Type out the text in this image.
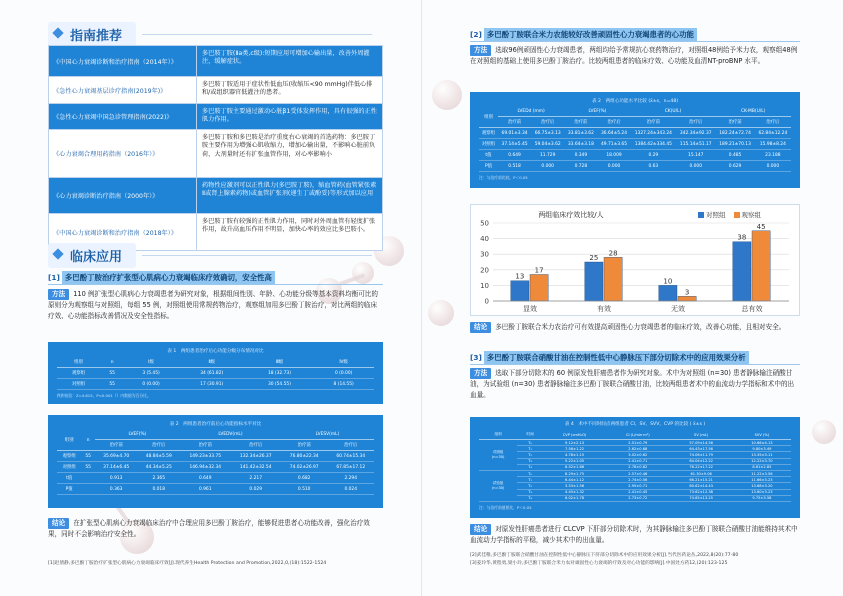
指南推荐
《中国心力衰竭诊断和治疗指南（2014年）》
多巴胺丁胺(Ⅱa类,c级):短期应用可增加心输出量，改善外周灌注，缓解症状。
《急性心力衰竭基层诊疗指南(2019年)》
多巴胺丁胺适用于症状性低血压(收缩压<90 mmHg)伴低心排和/或组织器官低灌注的患者。
《急性心力衰竭中国急诊管理指南(2022)》
多巴胺丁胺主要通过激动心脏β1受体发挥作用，具有很强的正性肌力作用。
《心力衰竭合理用药指南（2016年）》
多巴胺丁胺和多巴胺是治疗重度右心衰竭的首选药物：多巴胺丁胺主要作用为增强心肌收缩力，增加心输出量，不影响心脏前负荷，大剂量时还有扩张血管作用，对心率影响小
《心力衰竭诊断治疗指南（2000年）》
药物性应激剂可以正性肌力(多巴胺丁胺)，缩血管药(血管紧张素Ⅱ或肾上腺素药物)或血管扩张剂(递生丁或酚妥)等形式加以应用
《中国心力衰竭诊断和治疗指南（2018年）》
多巴胺丁胺有较强的正性肌力作用，同时对外周血管有轻度扩张作用，故升高血压作用不明显，加快心率的效应比多巴胺小。
临床应用
[1] 多巴酚丁胺治疗扩张型心肌病心力衰竭临床疗效确切，安全性高
方法 110 例扩张型心肌病心力衰竭患者为研究对象，根据组间性别、年龄、心功能分级等基本资料均衡可比的原则分为观察组与对照组，每组 55 例，对照组使用常规药物治疗，观察组加用多巴酚丁胺治疗，对比两组的临床疗效、心功能指标改善情况及安全性指标。
表 1　两组患者治疗后心功能分级分布情况对比
组别	n	Ⅰ级	Ⅱ级	Ⅲ级	Ⅳ级
观察组	55	3 (5.45)	34 (61.82)	18 (32.73)	0 (0.00)
对照组	55	0 (0.00)	17 (30.91)	30 (54.55)	8 (14.55)
秩和检验：Z=4.615，P<0.001（）内数据为百分比。
表 2　两组患者治疗前后心功能指标水平对比
组别	n	LVEF(%)		LVEDV(mL)		LVESV(mL)	
		治疗前	治疗后	治疗前	治疗后	治疗前	治疗后
观察组	55	35.69±4.70	48.84±5.59	149.23±33.75	132.34±26.37	76.80±22.34	60.74±15.34
对照组	55	37.14±6.45	44.34±5.25	146.94±32.34	141.42±32.54	74.02±26.97	67.85±17.12
t值		0.913	2.365	0.649	2.217	0.682	2.294
P值		0.363	0.018	0.961	0.029	0.510	0.024
结论 在扩张型心肌病心力衰竭临床治疗中合理应用多巴酚丁胺治疗，能够促进患者心功能改善，强化治疗效果，同时不会影响治疗安全性。
[1]赵倩静,多巴酚丁胺治疗扩张型心肌病心力衰竭临床疗效[J].现代养生Health Protection and Promotion,2022,0,(18):1522-1524
[2] 多巴酚丁胺联合米力农能较好改善顽固性心力衰竭患者的心功能
方法 选取96例顽固性心力衰竭患者，两组均给予常规抗心衰药物治疗，对照组48例给予米力农，观察组48例在对照组的基础上使用多巴酚丁胺治疗。比较两组患者的临床疗效、心功能及血清NT-proBNP 水平。
表 2　两组心功能水平比较 (x̄±s，n=48)
组别	LVEDd (mm)		LVEF(%)		CK(U/L)		CK-MB(U/L)	
	治疗前	治疗后	治疗前	治疗后	治疗前	治疗后	治疗前	治疗后
观察组	69.01±3.34	66.75±3.13	33.81±3.62	36.64±5.24	1327.24±343.24	342.34±92.37	182.24±72.74	62.84±12.24
对照组	37.14±5.45	59.04±3.62	33.64±3.18	49.71±3.65	1384.42±334.45	115.14±51.17	189.21±70.13	15.98±8.24
t值	0.649	11.729	0.349	18.009	0.29	15.147	0.485	23.188
P值	0.518	0.000	0.728	0.000	0.63	0.000	0.629	0.000
注：与治疗前比较，P＜0.05
两组临床疗效比较/人	对照组	观察组
0
10
20
30
40
50
13
17
显效
25
28
有效
10
3
无效
38
45
总有效
结论 多巴酚丁胺联合米力农治疗可有效提高顽固性心力衰竭患者的临床疗效，改善心功能，且相对安全。
[3] 多巴酚丁胺联合硝酸甘油在控制性低中心静脉压下部分切除术中的应用效果分析
方法 选取下部分切除术的 60 例原发性肝癌患者作为研究对象。术中为对照组 (n=30) 患者静脉输注硝酸甘油，为试验组 (n=30) 患者静脉输注多巴酚丁胺联合硝酸甘油，比较两组患者术中的血流动力学指标和术中的出血量。
表 4　术中不同时间点两组患者 CI、SV、SVV、CVP 的比较 ( x̄±s )
组别	时间	CVP (cmH₂O)	CI (L/min·m²)	SV (mL)	SVV (%)
对照组
(n=30)	T₀	9.12±2.13	2.51±0.79	57.09±14.56	10.66±4.13
	T₁	7.56±1.22	2.62±0.68	64.43±17.56	9.80±3.49
	T₂	4.78±1.15	3.02±0.62	74.06±11.79	13.35±3.11
	T₃	5.22±1.05	2.41±0.71	64.04±12.22	12.22±3.70
	T₄	6.52±1.66	2.78±0.62	76.22±17.22	8.61±2.85
试验组
(n=30)	T₀	8.29±1.75	2.57±0.46	61.30±9.06	11.22±3.56
	T₁	6.44±1.12	2.74±0.56	66.21±15.21	11.66±3.23
	T₂	3.53±1.56	2.95±0.71	80.62±14.43	13.68±3.20
	T₃	4.45±1.32	2.41±0.45	73.62±12.38	13.60±3.23
	T₄	6.02±1.78	2.73±0.72	74.65±13.25	9.75±3.58
注：与治疗前值相比，P＜0.05
结论 对原发性肝癌患者进行 CLCVP 下肝部分切除术时，为其静脉输注多巴酚丁胺联合硝酸甘油能维持其术中血流动力学指标的平稳，减少其术中的出血量。
[2]武佳稚,多巴酚丁胺联合硝酸甘油在控制性低中心静脉压下肝部分切除术中的应用效果分析[J].当代医药论丛,2022,8(20):77-80
[3]姜玲华,黄程勇,梁小玲,多巴酚丁胺联合米力农对顽固性心力衰竭的疗效及对心功能的影响[J].中国处方药12,(20):123-125
